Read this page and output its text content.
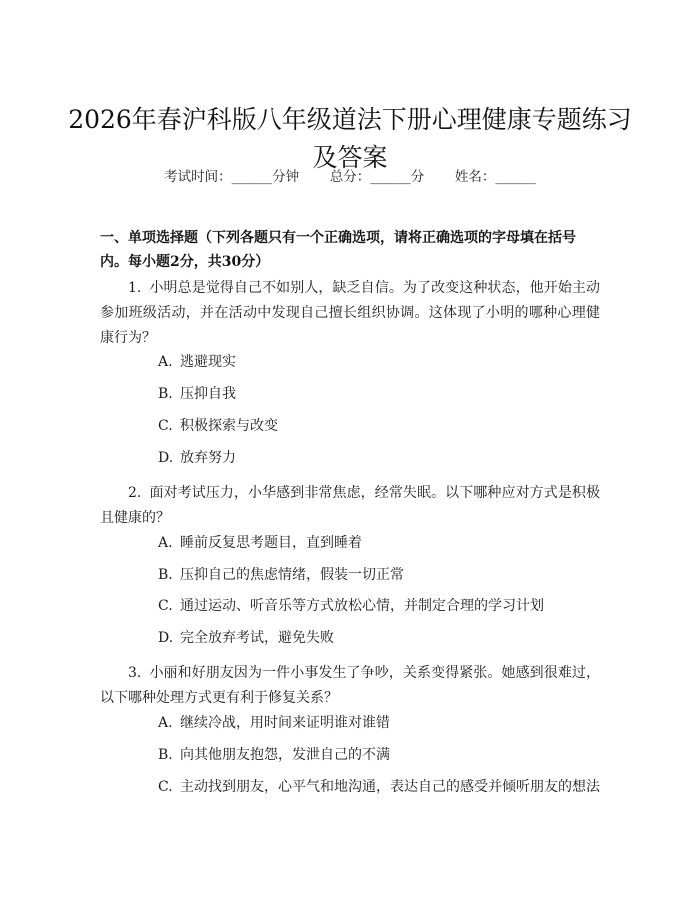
2026年春沪科版八年级道法下册心理健康专题练习及答案
考试时间：______分钟 总分：______分 姓名：______
一、单项选择题（下列各题只有一个正确选项，请将正确选项的字母填在括号内。每小题2分，共30分）
1. 小明总是觉得自己不如别人，缺乏自信。为了改变这种状态，他开始主动参加班级活动，并在活动中发现自己擅长组织协调。这体现了小明的哪种心理健康行为？
A. 逃避现实
B. 压抑自我
C. 积极探索与改变
D. 放弃努力
2. 面对考试压力，小华感到非常焦虑，经常失眠。以下哪种应对方式是积极且健康的？
A. 睡前反复思考题目，直到睡着
B. 压抑自己的焦虑情绪，假装一切正常
C. 通过运动、听音乐等方式放松心情，并制定合理的学习计划
D. 完全放弃考试，避免失败
3. 小丽和好朋友因为一件小事发生了争吵，关系变得紧张。她感到很难过，以下哪种处理方式更有利于修复关系？
A. 继续冷战，用时间来证明谁对谁错
B. 向其他朋友抱怨，发泄自己的不满
C. 主动找到朋友，心平气和地沟通，表达自己的感受并倾听朋友的想法
